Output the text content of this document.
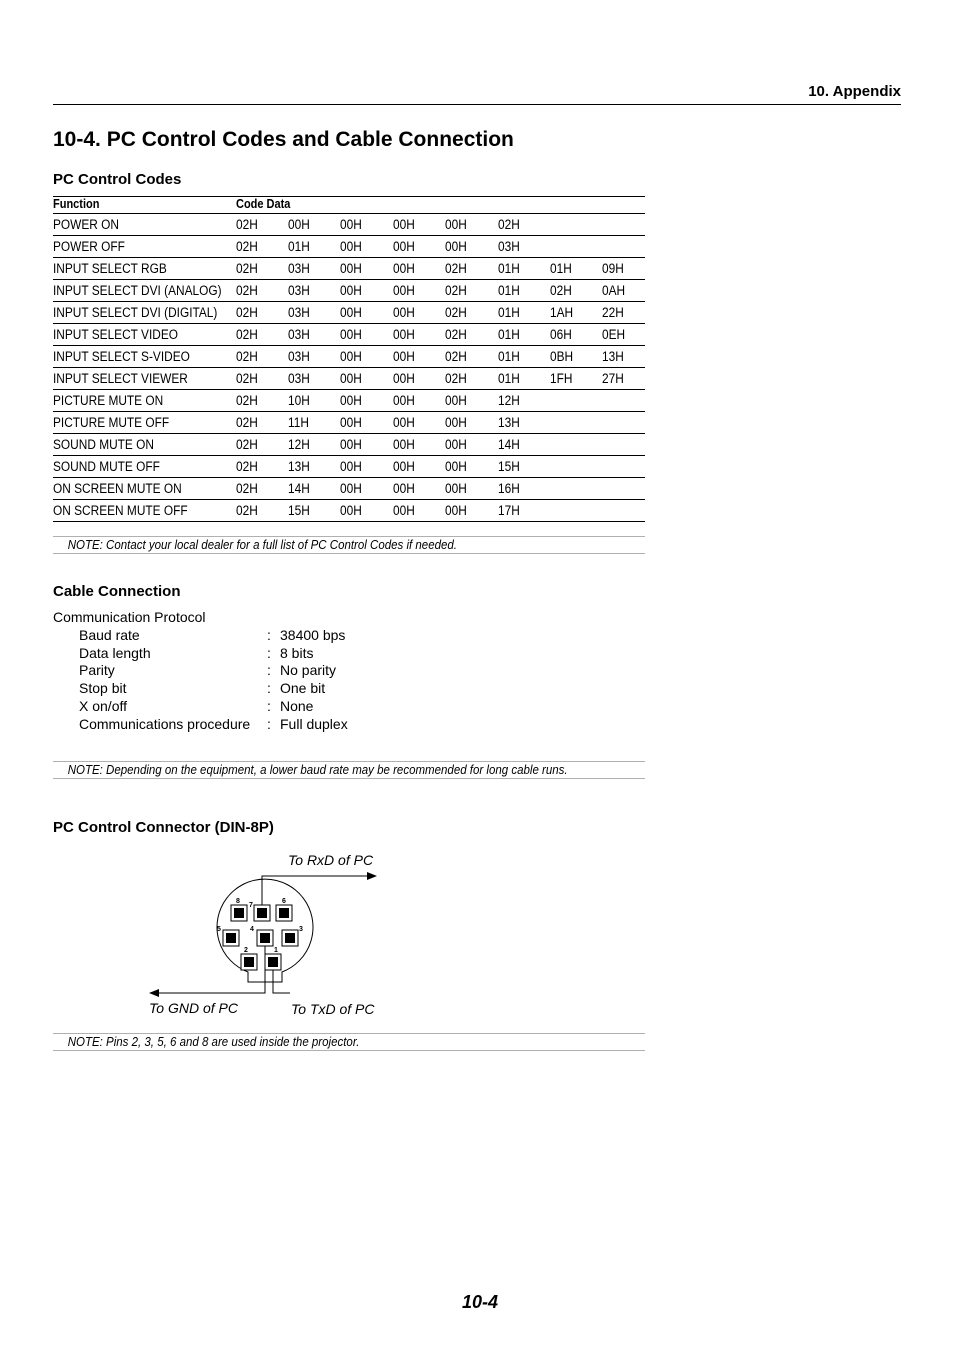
10. Appendix
10-4. PC Control Codes and Cable Connection
PC Control Codes
Function	Code Data
POWER ON	02H 00H 00H 00H 00H 02H
POWER OFF	02H 01H 00H 00H 00H 03H
INPUT SELECT RGB	02H 03H 00H 00H 02H 01H 01H 09H
INPUT SELECT DVI (ANALOG) 02H 03H 00H 00H 02H 01H 02H 0AH
INPUT SELECT DVI (DIGITAL) 02H 03H 00H 00H 02H 01H 1AH 22H
INPUT SELECT VIDEO	02H 03H 00H 00H 02H 01H 06H 0EH
INPUT SELECT S-VIDEO	02H 03H 00H 00H 02H 01H 0BH 13H
INPUT SELECT VIEWER	02H 03H 00H 00H 02H 01H 1FH 27H
PICTURE MUTE ON	02H 10H 00H 00H 00H 12H
PICTURE MUTE OFF	02H 11H 00H 00H 00H 13H
SOUND MUTE ON	02H 12H 00H 00H 00H 14H
SOUND MUTE OFF	02H 13H 00H 00H 00H 15H
ON SCREEN MUTE ON	02H 14H 00H 00H 00H 16H
ON SCREEN MUTE OFF	02H 15H 00H 00H 00H 17H
NOTE: Contact your local dealer for a full list of PC Control Codes if needed.
Cable Connection
Communication Protocol
Baud rate	: 38400 bps
Data length	: 8 bits
Parity	: No parity
Stop bit	: One bit
X on/off	: None
Communications procedure : Full duplex
NOTE: Depending on the equipment, a lower baud rate may be recommended for long cable runs.
PC Control Connector (DIN-8P)
8
7
6
5	4	3
2	1
To RxD of PC
To GND of PC	To TxD of PC
NOTE: Pins 2, 3, 5, 6 and 8 are used inside the projector.
10-4
